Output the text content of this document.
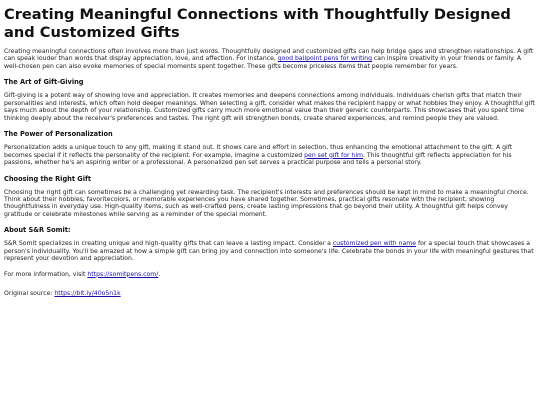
Creating Meaningful Connections with Thoughtfully Designed and Customized Gifts

Creating meaningful connections often involves more than just words. Thoughtfully designed and customized gifts can help bridge gaps and strengthen relationships. A gift can speak louder than words that display appreciation, love, and affection. For instance, good ballpoint pens for writing can inspire creativity in your friends or family. A well-chosen pen can also evoke memories of special moments spent together. These gifts become priceless items that people remember for years.

The Art of Gift-Giving

Gift-giving is a potent way of showing love and appreciation. It creates memories and deepens connections among individuals. Individuals cherish gifts that match their personalities and interests, which often hold deeper meanings. When selecting a gift, consider what makes the recipient happy or what hobbies they enjoy. A thoughtful gift says much about the depth of your relationship. Customized gifts carry much more emotional value than their generic counterparts. This showcases that you spent time thinking deeply about the receiver's preferences and tastes. The right gift will strengthen bonds, create shared experiences, and remind people they are valued.

The Power of Personalization

Personalization adds a unique touch to any gift, making it stand out. It shows care and effort in selection, thus enhancing the emotional attachment to the gift. A gift becomes special if it reflects the personality of the recipient. For example, imagine a customized pen set gift for him. This thoughtful gift reflects appreciation for his passions, whether he's an aspiring writer or a professional. A personalized pen set serves a practical purpose and tells a personal story.

Choosing the Right Gift

Choosing the right gift can sometimes be a challenging yet rewarding task. The recipient's interests and preferences should be kept in mind to make a meaningful choice. Think about their hobbies, favoritecolors, or memorable experiences you have shared together. Sometimes, practical gifts resonate with the recipient, showing thoughtfulness in everyday use. High-quality items, such as well-crafted pens, create lasting impressions that go beyond their utility. A thoughtful gift helps convey gratitude or celebrate milestones while serving as a reminder of the special moment.

About S&R Somit:

S&R Somit specializes in creating unique and high-quality gifts that can leave a lasting impact. Consider a customized pen with name for a special touch that showcases a person's individuality. You'll be amazed at how a simple gift can bring joy and connection into someone's life. Celebrate the bonds in your life with meaningful gestures that represent your devotion and appreciation.

For more information, visit https://somitpens.com/.

Original source: https://bit.ly/40o5n1k
